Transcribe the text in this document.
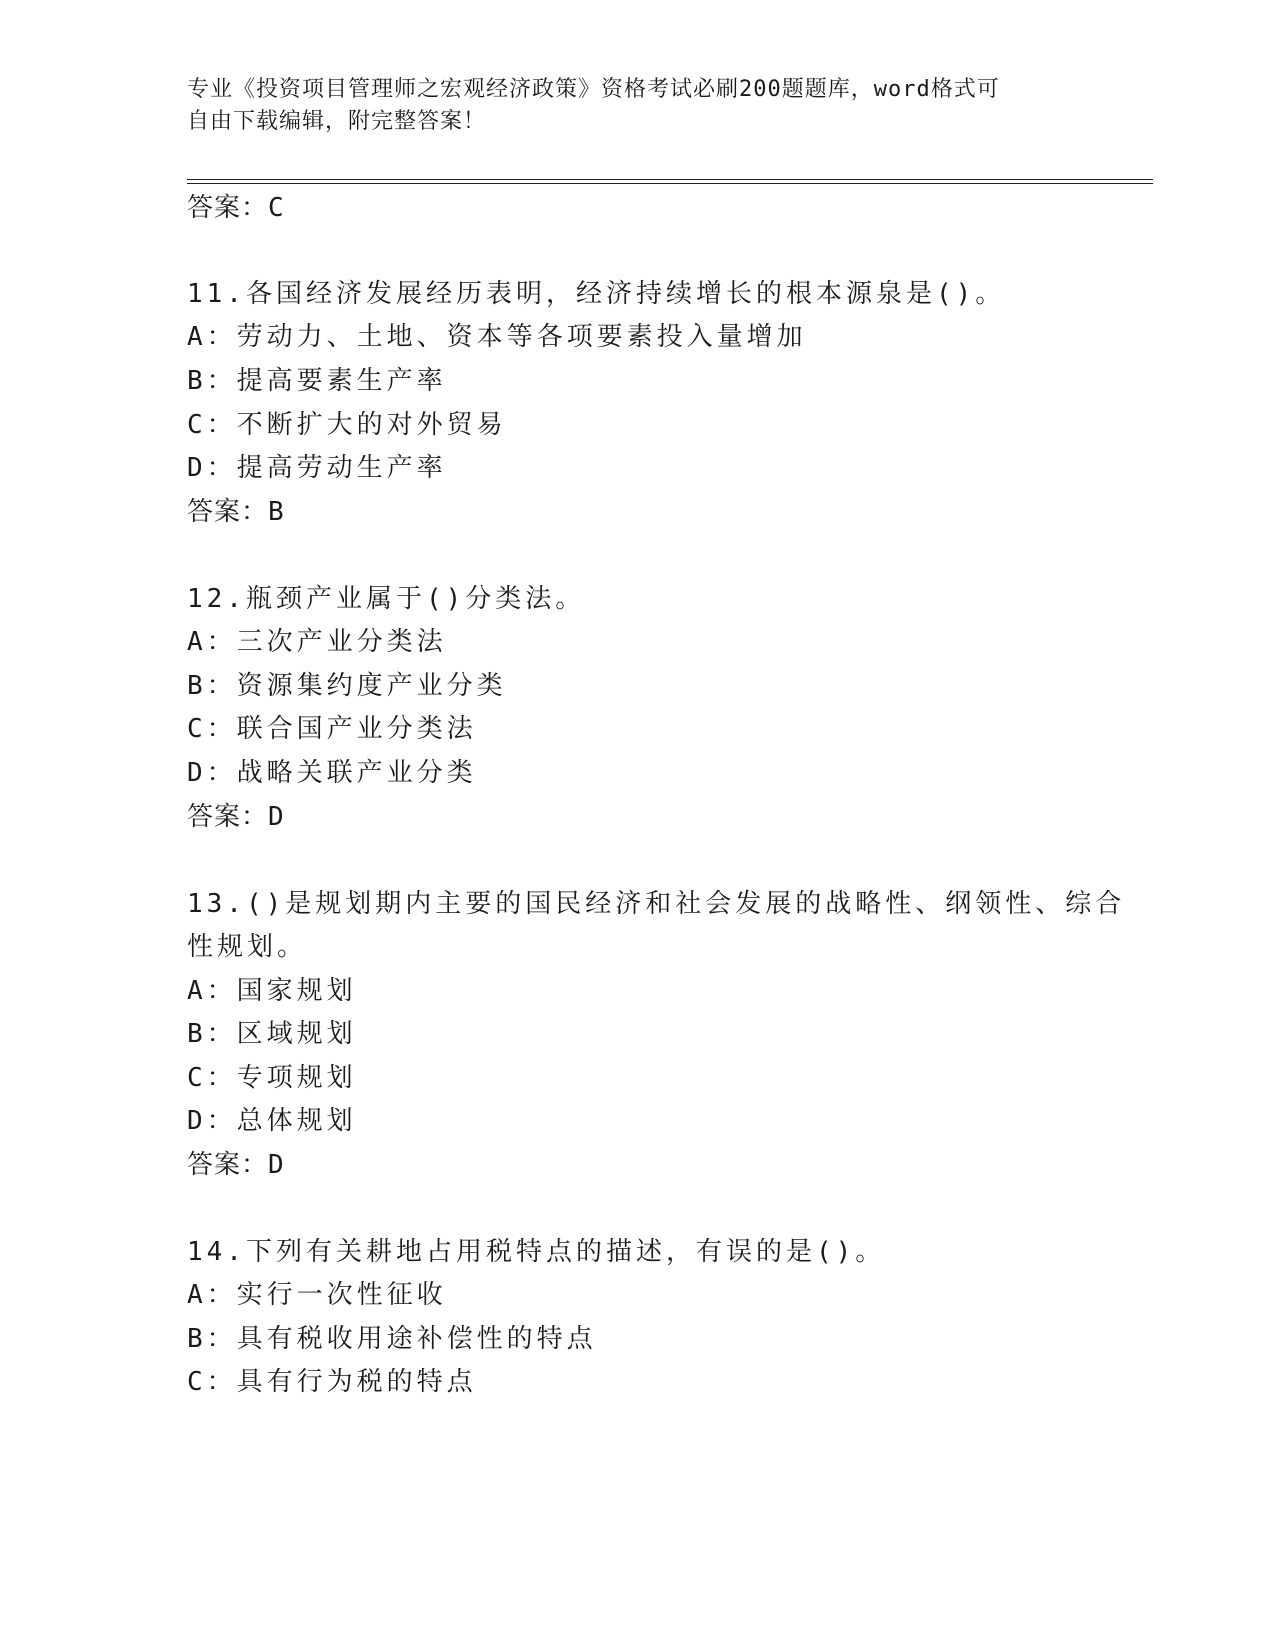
专业《投资项目管理师之宏观经济政策》资格考试必刷200题题库，word格式可
自由下载编辑，附完整答案！
答案：C
11.各国经济发展经历表明，经济持续增长的根本源泉是()。
A：劳动力、土地、资本等各项要素投入量增加
B：提高要素生产率
C：不断扩大的对外贸易
D：提高劳动生产率
答案：B
12.瓶颈产业属于()分类法。
A：三次产业分类法
B：资源集约度产业分类
C：联合国产业分类法
D：战略关联产业分类
答案：D
13.()是规划期内主要的国民经济和社会发展的战略性、纲领性、综合
性规划。
A：国家规划
B：区域规划
C：专项规划
D：总体规划
答案：D
14.下列有关耕地占用税特点的描述，有误的是()。
A：实行一次性征收
B：具有税收用途补偿性的特点
C：具有行为税的特点
